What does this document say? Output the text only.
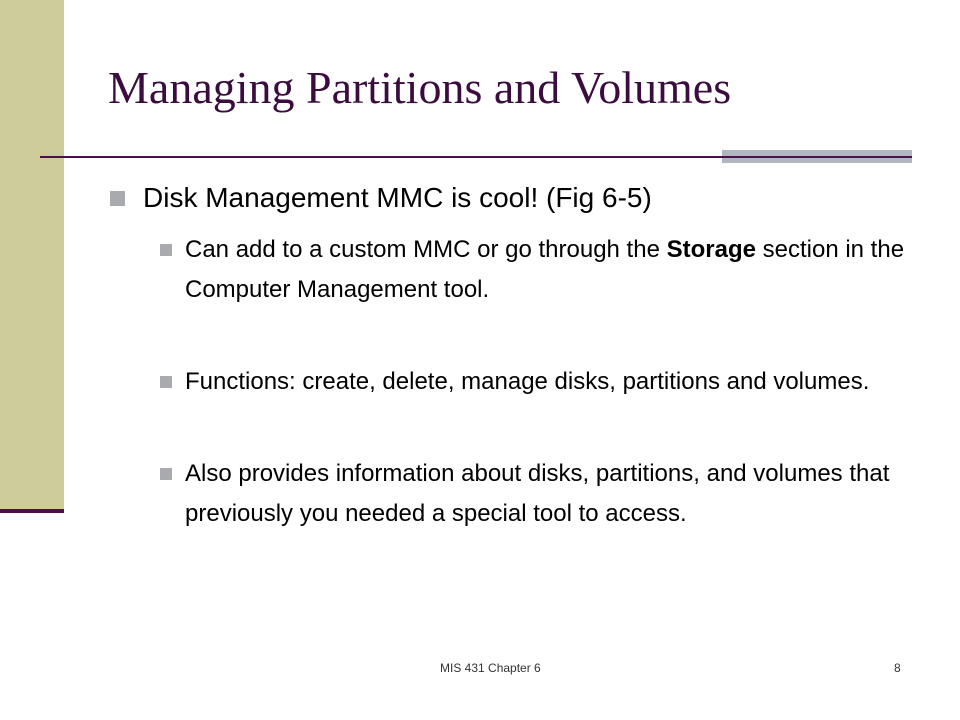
Managing Partitions and Volumes
Disk Management MMC is cool! (Fig 6-5)
Can add to a custom MMC or go through the Storage section in the Computer Management tool.
Functions: create, delete, manage disks, partitions and volumes.
Also provides information about disks, partitions, and volumes that previously you needed a special tool to access.
MIS 431 Chapter 6	8
